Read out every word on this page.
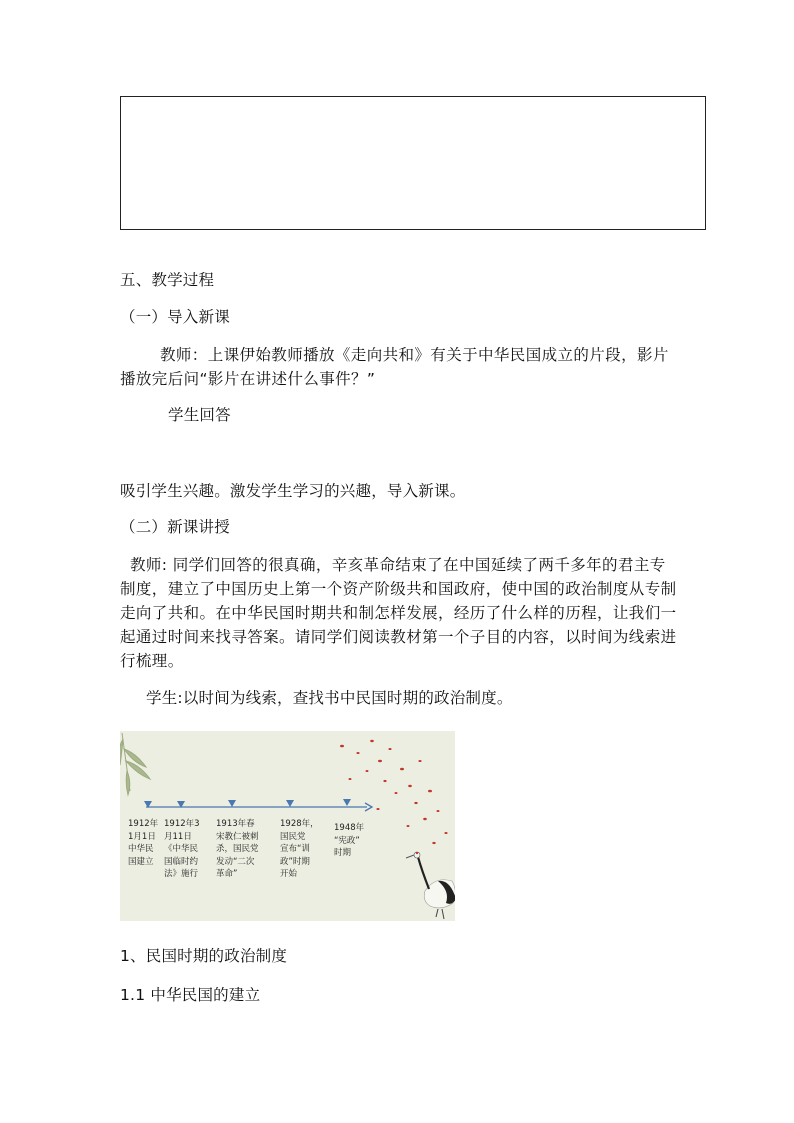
五、教学过程
（一）导入新课
教师：上课伊始教师播放《走向共和》有关于中华民国成立的片段，影片播放完后问“影片在讲述什么事件？”
学生回答
吸引学生兴趣。激发学生学习的兴趣，导入新课。
（二）新课讲授
教师: 同学们回答的很真确，辛亥革命结束了在中国延续了两千多年的君主专制度，建立了中国历史上第一个资产阶级共和国政府，使中国的政治制度从专制走向了共和。在中华民国时期共和制怎样发展，经历了什么样的历程，让我们一起通过时间来找寻答案。请同学们阅读教材第一个子目的内容，以时间为线索进行梳理。
学生:以时间为线索，查找书中民国时期的政治制度。
1912年
1月1日
中华民
国建立
1912年3
月11日
《中华民
国临时约
法》施行
1913年春
宋教仁被刺
杀，国民党
发动“二次
革命”
1928年，
国民党
宣布“训
政”时期
开始
1948年
“宪政”
时期
1、民国时期的政治制度
1.1 中华民国的建立
